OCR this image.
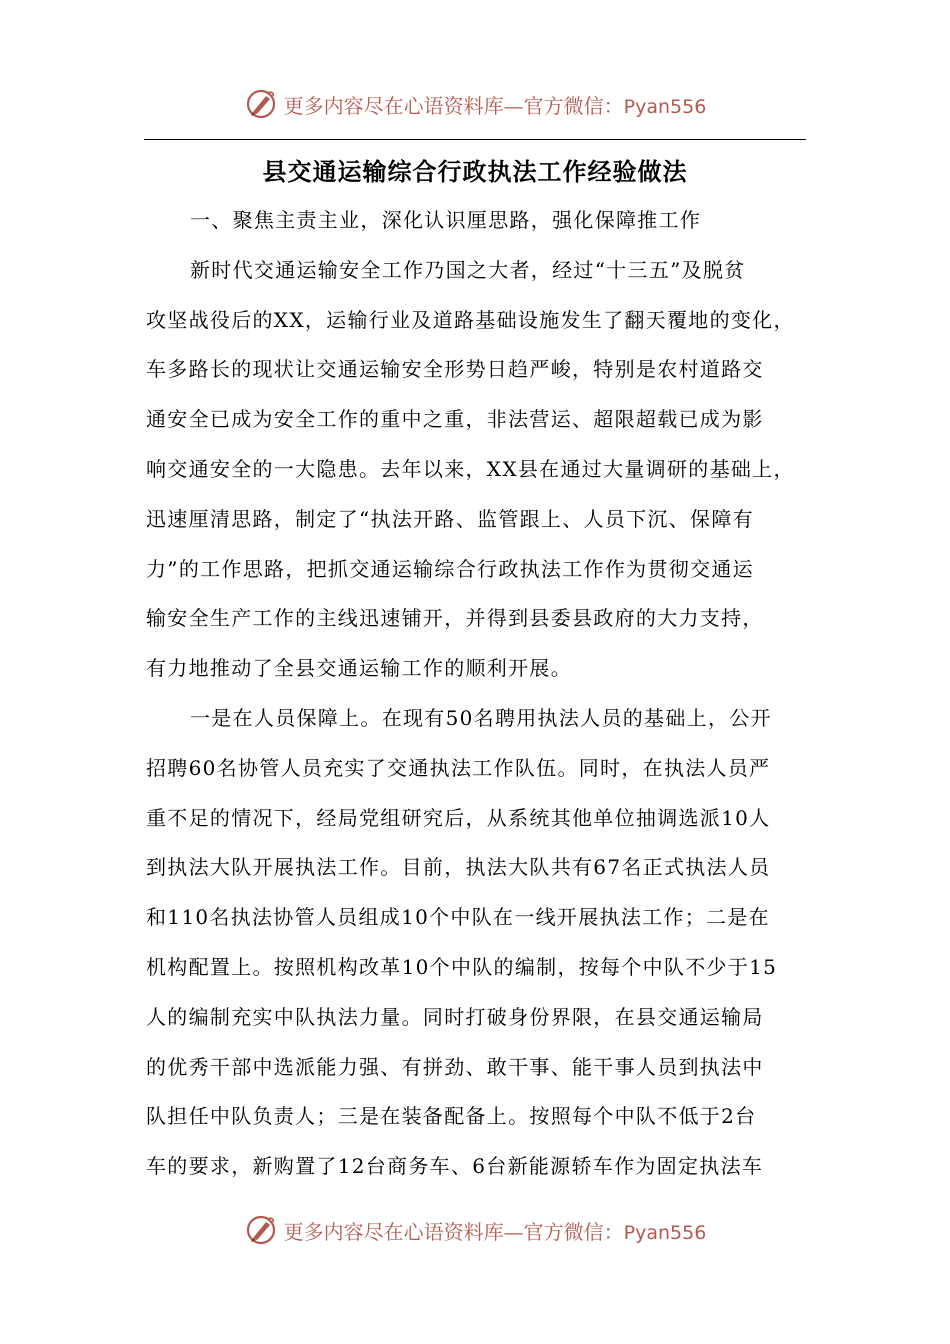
更多内容尽在心语资料库—官方微信：Pyan556
县交通运输综合行政执法工作经验做法
一、聚焦主责主业，深化认识厘思路，强化保障推工作
新时代交通运输安全工作乃国之大者，经过“十三五”及脱贫
攻坚战役后的XX，运输行业及道路基础设施发生了翻天覆地的变化，
车多路长的现状让交通运输安全形势日趋严峻，特别是农村道路交
通安全已成为安全工作的重中之重，非法营运、超限超载已成为影
响交通安全的一大隐患。去年以来，XX县在通过大量调研的基础上，
迅速厘清思路，制定了“执法开路、监管跟上、人员下沉、保障有
力”的工作思路，把抓交通运输综合行政执法工作作为贯彻交通运
输安全生产工作的主线迅速铺开，并得到县委县政府的大力支持，
有力地推动了全县交通运输工作的顺利开展。
一是在人员保障上。在现有50名聘用执法人员的基础上，公开
招聘60名协管人员充实了交通执法工作队伍。同时，在执法人员严
重不足的情况下，经局党组研究后，从系统其他单位抽调选派10人
到执法大队开展执法工作。目前，执法大队共有67名正式执法人员
和110名执法协管人员组成10个中队在一线开展执法工作；二是在
机构配置上。按照机构改革10个中队的编制，按每个中队不少于15
人的编制充实中队执法力量。同时打破身份界限，在县交通运输局
的优秀干部中选派能力强、有拼劲、敢干事、能干事人员到执法中
队担任中队负责人；三是在装备配备上。按照每个中队不低于2台
车的要求，新购置了12台商务车、6台新能源轿车作为固定执法车
更多内容尽在心语资料库—官方微信：Pyan556
